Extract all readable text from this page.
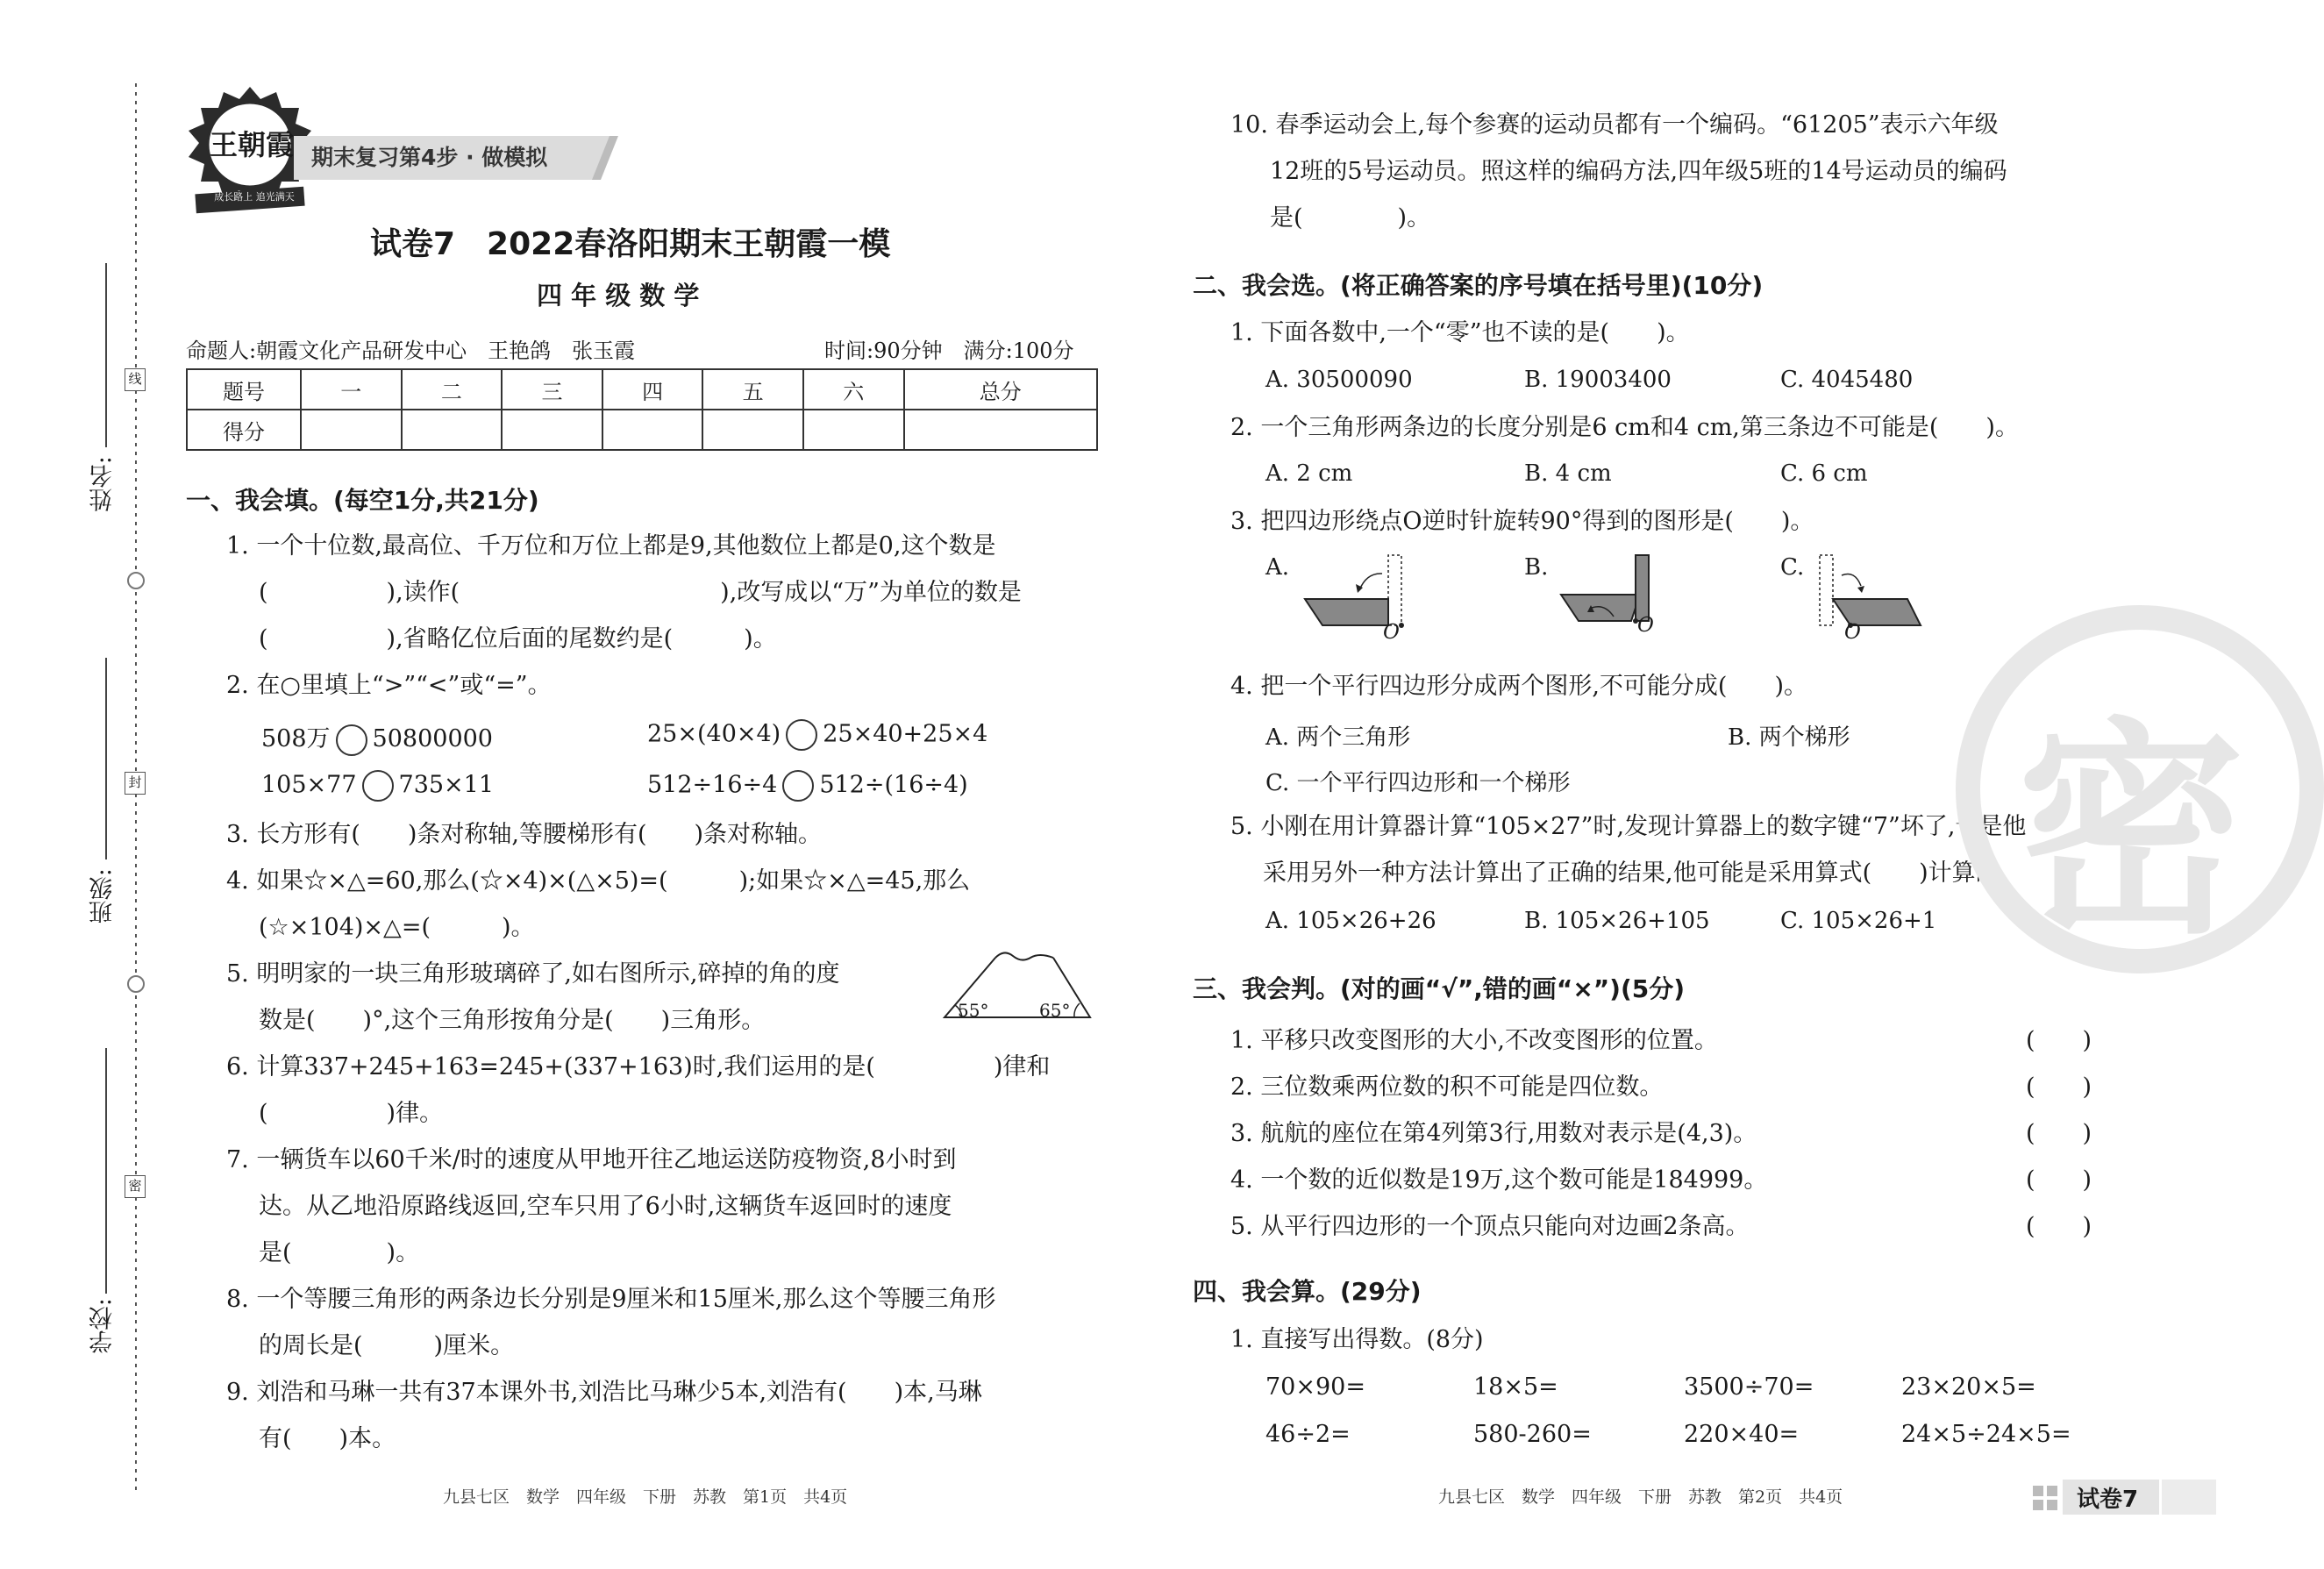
姓名:
班级:
学校:
线
封
密
王朝霞
成长路上 追光满天
期末复习第4步 · 做模拟
试卷7　2022春洛阳期末王朝霞一模
四 年 级 数 学
命题人:朝霞文化产品研发中心　王艳鸽　张玉霞	时间:90分钟　满分:100分
题号	一	二	三	四	五	六	总分
得分							
一、我会填。(每空1分,共21分)
1. 一个十位数,最高位、千万位和万位上都是9,其他数位上都是0,这个数是
(　　　　　),读作(　　　　　　　　　　　),改写成以“万”为单位的数是
(　　　　　),省略亿位后面的尾数约是(　　　)。
2. 在○里填上“>”“<”或“=”。
508万 50800000	25×(40×4) 25×40+25×4
105×77 735×11	512÷16÷4 512÷(16÷4)
3. 长方形有(　　)条对称轴,等腰梯形有(　　)条对称轴。
4. 如果☆×△=60,那么(☆×4)×(△×5)=(　　　);如果☆×△=45,那么
(☆×104)×△=(　　　)。
5. 明明家的一块三角形玻璃碎了,如右图所示,碎掉的角的度
数是(　　)°,这个三角形按角分是(　　)三角形。	55°	65°
6. 计算337+245+163=245+(337+163)时,我们运用的是(　　　　　)律和
(　　　　　)律。
7. 一辆货车以60千米/时的速度从甲地开往乙地运送防疫物资,8小时到
达。从乙地沿原路线返回,空车只用了6小时,这辆货车返回时的速度
是(　　　　)。
8. 一个等腰三角形的两条边长分别是9厘米和15厘米,那么这个等腰三角形
的周长是(　　　)厘米。
9. 刘浩和马琳一共有37本课外书,刘浩比马琳少5本,刘浩有(　　)本,马琳
有(　　)本。
九县七区　数学　四年级　下册　苏教　第1页　共4页
10. 春季运动会上,每个参赛的运动员都有一个编码。“61205”表示六年级
12班的5号运动员。照这样的编码方法,四年级5班的14号运动员的编码
是(　　　　)。
二、我会选。(将正确答案的序号填在括号里)(10分)
1. 下面各数中,一个“零”也不读的是(　　)。
A. 30500090	B. 19003400	C. 4045480
2. 一个三角形两条边的长度分别是6 cm和4 cm,第三条边不可能是(　　)。
A. 2 cm	B. 4 cm	C. 6 cm
3. 把四边形绕点O逆时针旋转90°得到的图形是(　　)。
A.	B.	C.
O	O	O
4. 把一个平行四边形分成两个图形,不可能分成(　　)。
A. 两个三角形	B. 两个梯形
C. 一个平行四边形和一个梯形
5. 小刚在用计算器计算“105×27”时,发现计算器上的数字键“7”坏了,于是他
采用另外一种方法计算出了正确的结果,他可能是采用算式(　　)计算的。
A. 105×26+26	B. 105×26+105	C. 105×26+1
三、我会判。(对的画“√”,错的画“×”)(5分)
1. 平移只改变图形的大小,不改变图形的位置。	(　　)
2. 三位数乘两位数的积不可能是四位数。	(　　)
3. 航航的座位在第4列第3行,用数对表示是(4,3)。	(　　)
4. 一个数的近似数是19万,这个数可能是184999。	(　　)
5. 从平行四边形的一个顶点只能向对边画2条高。	(　　)
四、我会算。(29分)
1. 直接写出得数。(8分)
70×90=	18×5=	3500÷70=	23×20×5=
46÷2=	580-260=	220×40=	24×5÷24×5=
密
九县七区　数学　四年级　下册　苏教　第2页　共4页	试卷7
